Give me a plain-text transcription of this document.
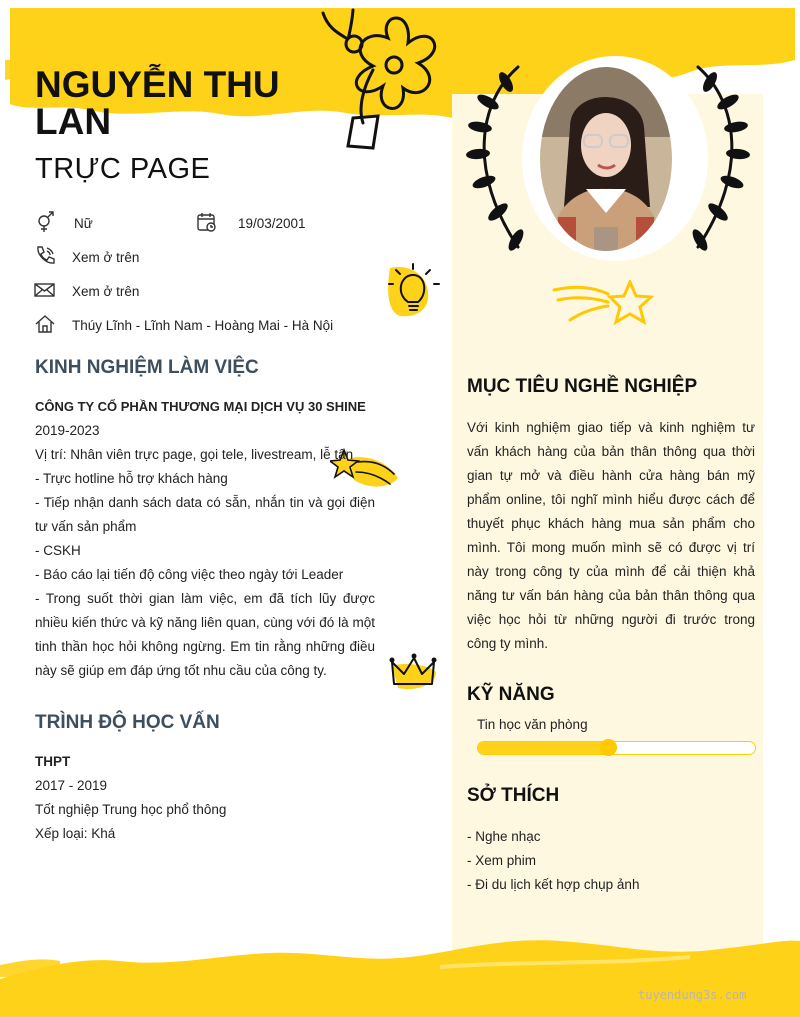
NGUYỄN THU LAN
TRỰC PAGE
Nữ	19/03/2001
Xem ở trên
Xem ở trên
Thúy Lĩnh - Lĩnh Nam - Hoàng Mai - Hà Nội
KINH NGHIỆM LÀM VIỆC
CÔNG TY CỔ PHẦN THƯƠNG MẠI DỊCH VỤ 30 SHINE
2019-2023
Vị trí: Nhân viên trực page, gọi tele, livestream, lễ tân
- Trực hotline hỗ trợ khách hàng
- Tiếp nhận danh sách data có sẵn, nhắn tin và gọi điện tư vấn sản phẩm
- CSKH
- Báo cáo lại tiến độ công việc theo ngày tới Leader
- Trong suốt thời gian làm việc, em đã tích lũy được nhiều kiến thức và kỹ năng liên quan, cùng với đó là một tinh thần học hỏi không ngừng. Em tin rằng những điều này sẽ giúp em đáp ứng tốt nhu cầu của công ty.
TRÌNH ĐỘ HỌC VẤN
THPT
2017 - 2019
Tốt nghiệp Trung học phổ thông
Xếp loại: Khá
MỤC TIÊU NGHỀ NGHIỆP
Với kinh nghiệm giao tiếp và kinh nghiệm tư vấn khách hàng của bản thân thông qua thời gian tự mở và điều hành cửa hàng bán mỹ phẩm online, tôi nghĩ mình hiểu được cách để thuyết phục khách hàng mua sản phẩm cho mình. Tôi mong muốn mình sẽ có được vị trí này trong công ty của mình để cải thiện khả năng tư vấn bán hàng của bản thân thông qua việc học hỏi từ những người đi trước trong công ty mình.
KỸ NĂNG
Tin học văn phòng
SỞ THÍCH
- Nghe nhạc
- Xem phim
- Đi du lịch kết hợp chụp ảnh
tuyendung3s.com
